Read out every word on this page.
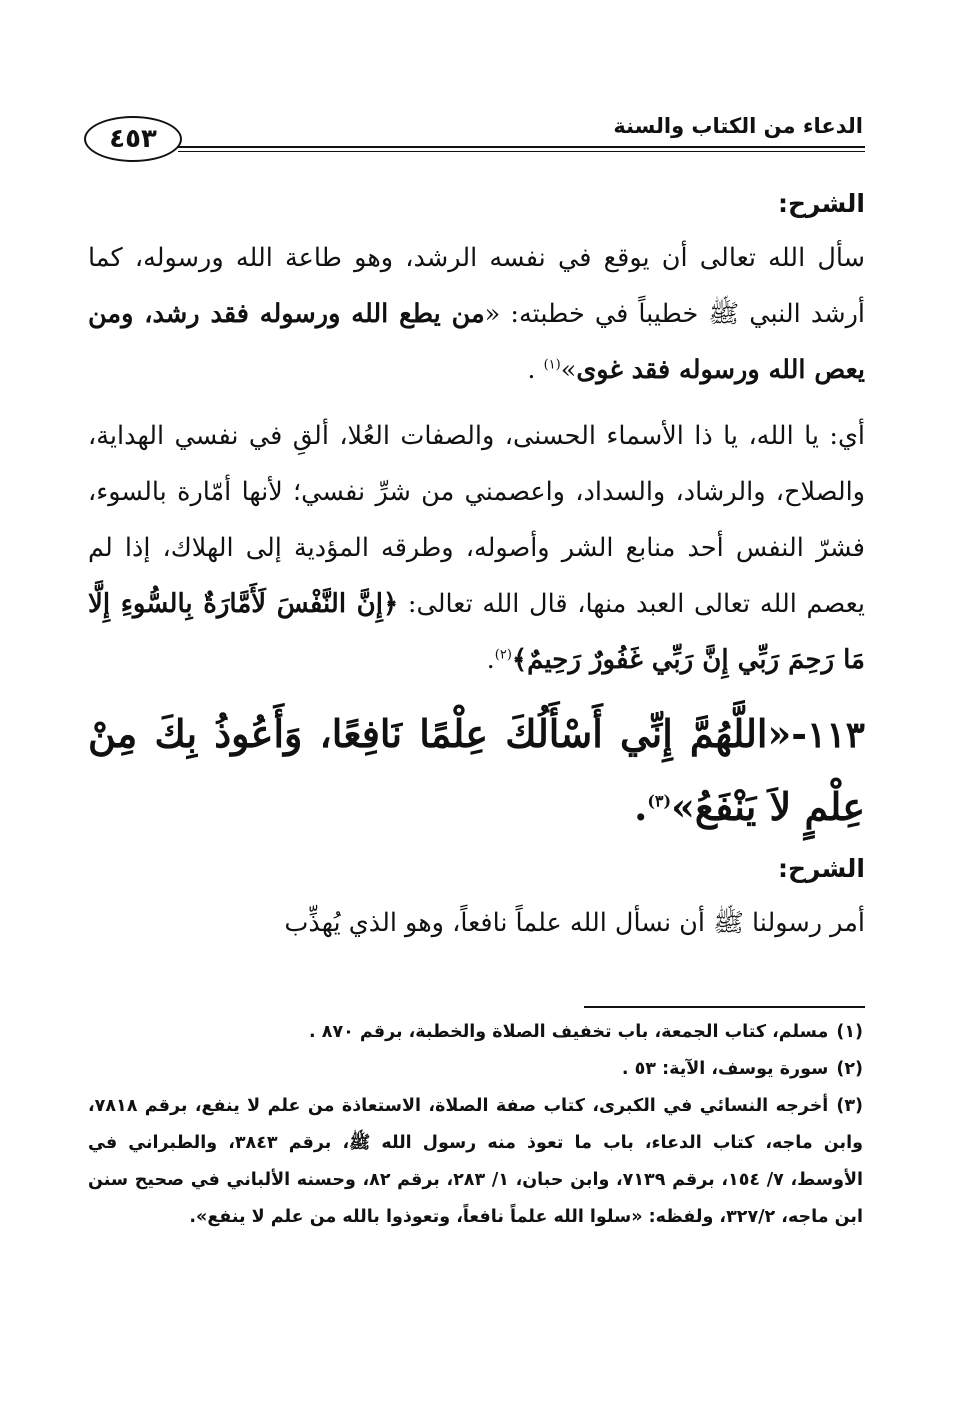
الدعاء من الكتاب والسنة
٤٥٣

الشرح:

سأل الله تعالى أن يوقع في نفسه الرشد، وهو طاعة الله ورسوله، كما أرشد النبي ﷺ خطيباً في خطبته: «من يطع الله ورسوله فقد رشد، ومن يعص الله ورسوله فقد غوى»$^{(١)}$ .

أي: يا الله، يا ذا الأسماء الحسنى، والصفات العُلا، ألقِ في نفسي الهداية، والصلاح، والرشاد، والسداد، واعصمني من شرِّ نفسي؛ لأنها أمّارة بالسوء، فشرّ النفس أحد منابع الشر وأصوله، وطرقه المؤدية إلى الهلاك، إذا لم يعصم الله تعالى العبد منها، قال الله تعالى: ﴿إِنَّ النَّفْسَ لَأَمَّارَةٌ بِالسُّوءِ إِلَّا مَا رَحِمَ رَبِّي إِنَّ رَبِّي غَفُورٌ رَحِيمٌ﴾$^{(٢)}$.

١١٣-«اللَّهُمَّ إِنِّي أَسْأَلُكَ عِلْمًا نَافِعًا، وَأَعُوذُ بِكَ مِنْ عِلْمٍ لاَ يَنْفَعُ»$^{(٣)}$.

الشرح:

أمر رسولنا ﷺ أن نسأل الله علماً نافعاً، وهو الذي يُهذِّب

(١)مسلم، كتاب الجمعة، باب تخفيف الصلاة والخطبة، برقم ٨٧٠ .

(٢)سورة يوسف، الآية: ٥٣ .

(٣)أخرجه النسائي في الكبرى، كتاب صفة الصلاة، الاستعاذة من علم لا ينفع، برقم ٧٨١٨، وابن ماجه، كتاب الدعاء، باب ما تعوذ منه رسول الله ﷺ، برقم ٣٨٤٣، والطبراني في الأوسط، ٧/ ١٥٤، برقم ٧١٣٩، وابن حبان، ١/ ٢٨٣، برقم ٨٢، وحسنه الألباني في صحيح سنن ابن ماجه، ٣٢٧/٢، ولفظه: «سلوا الله علماً نافعاً، وتعوذوا بالله من علم لا ينفع».
